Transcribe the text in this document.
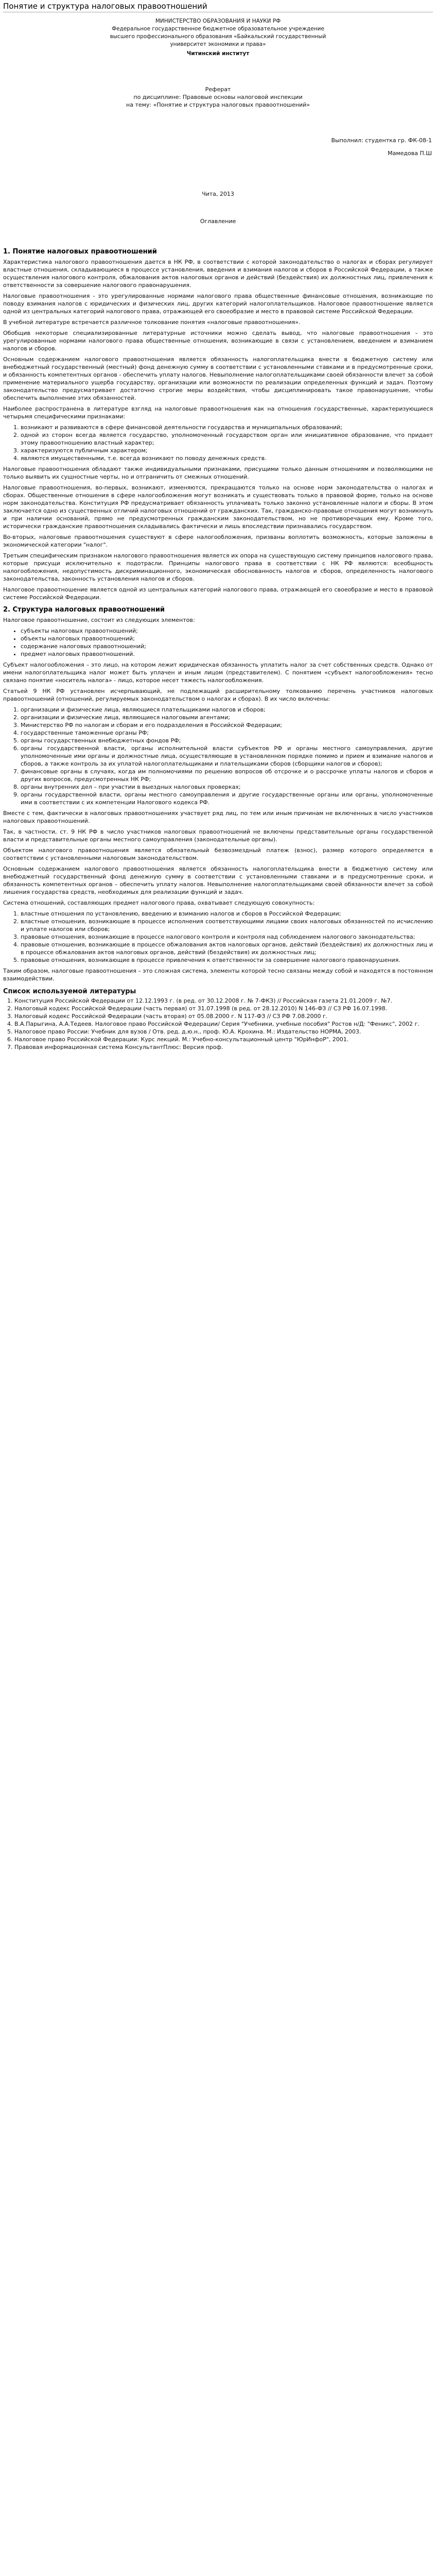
Понятие и структура налоговых правоотношений
МИНИСТЕРСТВО ОБРАЗОВАНИЯ И НАУКИ РФ
Федеральное государственное бюджетное образовательное учреждение
высшего профессионального образования «Байкальский государственный
университет экономики и права»
Читинский институт
Реферат
по дисциплине: Правовые основы налоговой инспекции
на тему: «Понятие и структура налоговых правоотношений»
Выполнил: студентка гр. ФК-08-1
Мамедова П.Ш
Чита, 2013
Оглавление
1. Понятие налоговых правоотношений

Характеристика налогового правоотношения дается в НК РФ, в соответствии с которой законодательство о налогах и сборах регулирует властные отношения, складывающиеся в процессе установления, введения и взимания налогов и сборов в Российской Федерации, а также осуществления налогового контроля, обжалования актов налоговых органов и действий (бездействия) их должностных лиц, привлечения к ответственности за совершение налогового правонарушения.

Налоговые правоотношения - это урегулированные нормами налогового права общественные финансовые отношения, возникающие по поводу взимания налогов с юридических и физических лиц, других категорий налогоплательщиков. Налоговое правоотношение является одной из центральных категорий налогового права, отражающей его своеобразие и место в правовой системе Российской Федерации.

В учебной литературе встречается различное толкование понятия «налоговые правоотношения».

Обобщив некоторые специализированные литературные источники можно сделать вывод, что налоговые правоотношения – это урегулированные нормами налогового права общественные отношения, возникающие в связи с установлением, введением и взиманием налогов и сборов.

Основным содержанием налогового правоотношения является обязанность налогоплательщика внести в бюджетную систему или внебюджетный государственный (местный) фонд денежную сумму в соответствии с установленными ставками и в предусмотренные сроки, и обязанность компетентных органов - обеспечить уплату налогов. Невыполнение налогоплательщиками своей обязанности влечет за собой применение материального ущерба государству, организации или возможности по реализации определенных функций и задач. Поэтому законодательство предусматривает достаточно строгие меры воздействия, чтобы дисциплинировать такое правонарушение, чтобы обеспечить выполнение этих обязанностей.

Наиболее распространена в литературе взгляд на налоговые правоотношения как на отношения государственные, характеризующиеся четырьмя специфическими признаками:

1. возникают и развиваются в сфере финансовой деятельности государства и муниципальных образований;
2. одной из сторон всегда является государство, уполномоченный государством орган или инициативное образование, что придает этому правоотношению властный характер;
3. характеризуются публичным характером;
4. являются имущественными, т.е. всегда возникают по поводу денежных средств.

Налоговые правоотношения обладают также индивидуальными признаками, присущими только данным отношениям и позволяющими не только выявить их сущностные черты, но и отграничить от смежных отношений.

Налоговые правоотношения, во-первых, возникают, изменяются, прекращаются только на основе норм законодательства о налогах и сборах. Общественные отношения в сфере налогообложения могут возникать и существовать только в правовой форме, только на основе норм законодательства. Конституция РФ предусматривает обязанность уплачивать только законно установленные налоги и сборы. В этом заключается одно из существенных отличий налоговых отношений от гражданских. Так, гражданско-правовые отношения могут возникнуть и при наличии оснований, прямо не предусмотренных гражданским законодательством, но не противоречащих ему. Кроме того, исторически гражданские правоотношения складывались фактически и лишь впоследствии признавались государством.

Во-вторых, налоговые правоотношения существуют в сфере налогообложения, призваны воплотить возможность, которые заложены в экономической категории "налог".

Третьим специфическим признаком налогового правоотношения является их опора на существующую систему принципов налогового права, которые присущи исключительно к подотрасли. Принципы налогового права в соответствии с НК РФ являются: всеобщность налогообложения, недопустимость дискриминационного, экономическая обоснованность налогов и сборов, определенность налогового законодательства, законность установления налогов и сборов.

Налоговое правоотношение является одной из центральных категорий налогового права, отражающей его своеобразие и место в правовой системе Российской Федерации.

2. Структура налоговых правоотношений

Налоговое правоотношение, состоит из следующих элементов:

• субъекты налоговых правоотношений;
• объекты налоговых правоотношений;
• содержание налоговых правоотношений;
• предмет налоговых правоотношений.

Субъект налогообложения – это лицо, на котором лежит юридическая обязанность уплатить налог за счет собственных средств. Однако от имени налогоплательщика налог может быть уплачен и иным лицом (представителем). С понятием «субъект налогообложения» тесно связано понятие «носитель налога» - лицо, которое несет тяжесть налогообложения.

Статьей 9 НК РФ установлен исчерпывающий, не подлежащий расширительному толкованию перечень участников налоговых правоотношений (отношений, регулируемых законодательством о налогах и сборах). В их число включены:

1. организации и физические лица, являющиеся плательщиками налогов и сборов;
2. организации и физические лица, являющиеся налоговыми агентами;
3. Министерство РФ по налогам и сборам и его подразделения в Российской Федерации;
4. государственные таможенные органы РФ;
5. органы государственных внебюджетных фондов РФ;
6. органы государственной власти, органы исполнительной власти субъектов РФ и органы местного самоуправления, другие уполномоченные ими органы и должностные лица, осуществляющие в установленном порядке помимо и прием и взимание налогов и сборов, а также контроль за их уплатой налогоплательщиками и плательщиками сборов (сборщики налогов и сборов);
7. финансовые органы в случаях, когда им полномочиями по решению вопросов об отсрочке и о рассрочке уплаты налогов и сборов и других вопросов, предусмотренных НК РФ;
8. органы внутренних дел – при участии в выездных налоговых проверках;
9. органы государственной власти, органы местного самоуправления и другие государственные органы или органы, уполномоченные ими в соответствии с их компетенции Налогового кодекса РФ.

Вместе с тем, фактически в налоговых правоотношениях участвует ряд лиц, по тем или иным причинам не включенных в число участников налоговых правоотношений.

Так, в частности, ст. 9 НК РФ в число участников налоговых правоотношений не включены представительные органы государственной власти и представительные органы местного самоуправления (законодательные органы).

Объектом налогового правоотношения является обязательный безвозмездный платеж (взнос), размер которого определяется в соответствии с установленными налоговым законодательством.

Основным содержанием налогового правоотношения является обязанность налогоплательщика внести в бюджетную систему или внебюджетный государственный фонд денежную сумму в соответствии с установленными ставками и в предусмотренные сроки, и обязанность компетентных органов – обеспечить уплату налогов. Невыполнение налогоплательщиками своей обязанности влечет за собой лишения государства средств, необходимых для реализации функций и задач.

Система отношений, составляющих предмет налогового права, охватывает следующую совокупность:

1. властные отношения по установлению, введению и взиманию налогов и сборов в Российской Федерации;
2. властные отношения, возникающие в процессе исполнения соответствующими лицами своих налоговых обязанностей по исчислению и уплате налогов или сборов;
3. правовые отношения, возникающие в процессе налогового контроля и контроля над соблюдением налогового законодательства;
4. правовые отношения, возникающие в процессе обжалования актов налоговых органов, действий (бездействия) их должностных лиц и в процессе обжалования актов налоговых органов, действий (бездействия) их должностных лиц;
5. правовые отношения, возникающие в процессе привлечения к ответственности за совершение налогового правонарушения.

Таким образом, налоговые правоотношения – это сложная система, элементы которой тесно связаны между собой и находятся в постоянном взаимодействии.

Список используемой литературы
1. Конституция Российской Федерации от 12.12.1993 г. (в ред. от 30.12.2008 г. № 7-ФКЗ) // Российская газета 21.01.2009 г. №7.
2. Налоговый кодекс Российской Федерации (часть первая) от 31.07.1998 (в ред. от 28.12.2010) N 146-ФЗ // СЗ РФ 16.07.1998.
3. Налоговый кодекс Российской Федерации (часть вторая) от 05.08.2000 г. N 117-ФЗ // СЗ РФ 7.08.2000 г.
4. В.А.Парыгина, А.А.Тедеев. Налоговое право Российской Федерации/ Серия "Учебники, учебные пособия" Ростов н/Д: "Феникс", 2002 г.
5. Налоговое право России: Учебник для вузов / Отв. ред. д.ю.н., проф. Ю.А. Крохина. М.: Издательство НОРМА, 2003.
6. Налоговое право Российской Федерации: Курс лекций. М.: Учебно-консультационный центр "ЮрИнфоР", 2001.
7. Правовая информационная система КонсультантПлюс: Версия проф.
